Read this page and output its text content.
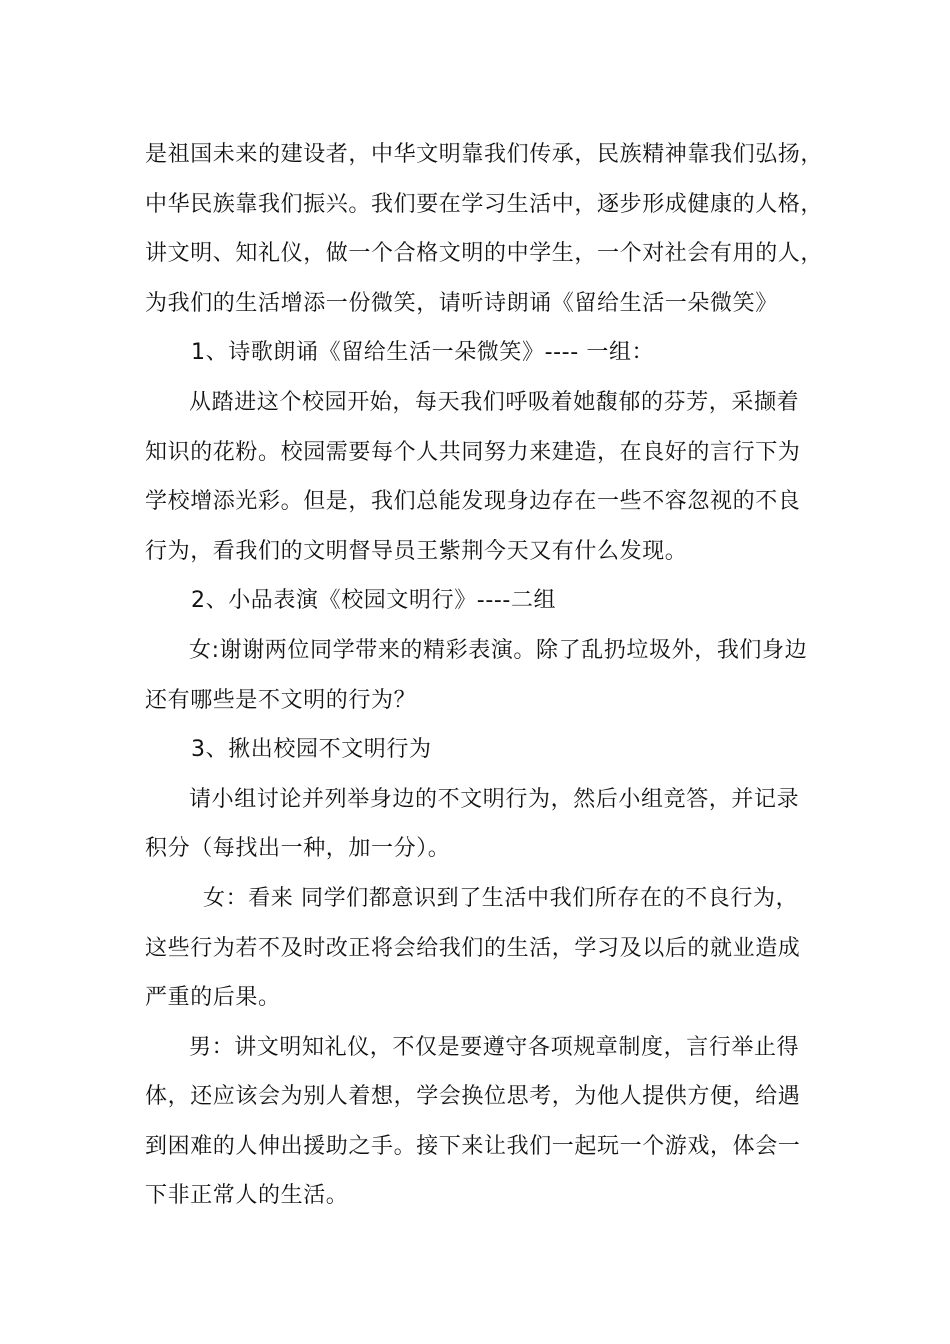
是祖国未来的建设者，中华文明靠我们传承，民族精神靠我们弘扬，

中华民族靠我们振兴。我们要在学习生活中，逐步形成健康的人格，

讲文明、知礼仪，做一个合格文明的中学生，一个对社会有用的人，

为我们的生活增添一份微笑，请听诗朗诵《留给生活一朵微笑》

1、诗歌朗诵《留给生活一朵微笑》---- 一组：

从踏进这个校园开始，每天我们呼吸着她馥郁的芬芳，采撷着

知识的花粉。校园需要每个人共同努力来建造，在良好的言行下为

学校增添光彩。但是，我们总能发现身边存在一些不容忽视的不良

行为，看我们的文明督导员王紫荆今天又有什么发现。

2、小品表演《校园文明行》----二组

女:谢谢两位同学带来的精彩表演。除了乱扔垃圾外，我们身边

还有哪些是不文明的行为？

3、揪出校园不文明行为

请小组讨论并列举身边的不文明行为，然后小组竞答，并记录

积分（每找出一种，加一分）。

女：看来 同学们都意识到了生活中我们所存在的不良行为，

这些行为若不及时改正将会给我们的生活，学习及以后的就业造成

严重的后果。

男：讲文明知礼仪，不仅是要遵守各项规章制度，言行举止得

体，还应该会为别人着想，学会换位思考，为他人提供方便，给遇

到困难的人伸出援助之手。接下来让我们一起玩一个游戏，体会一

下非正常人的生活。
